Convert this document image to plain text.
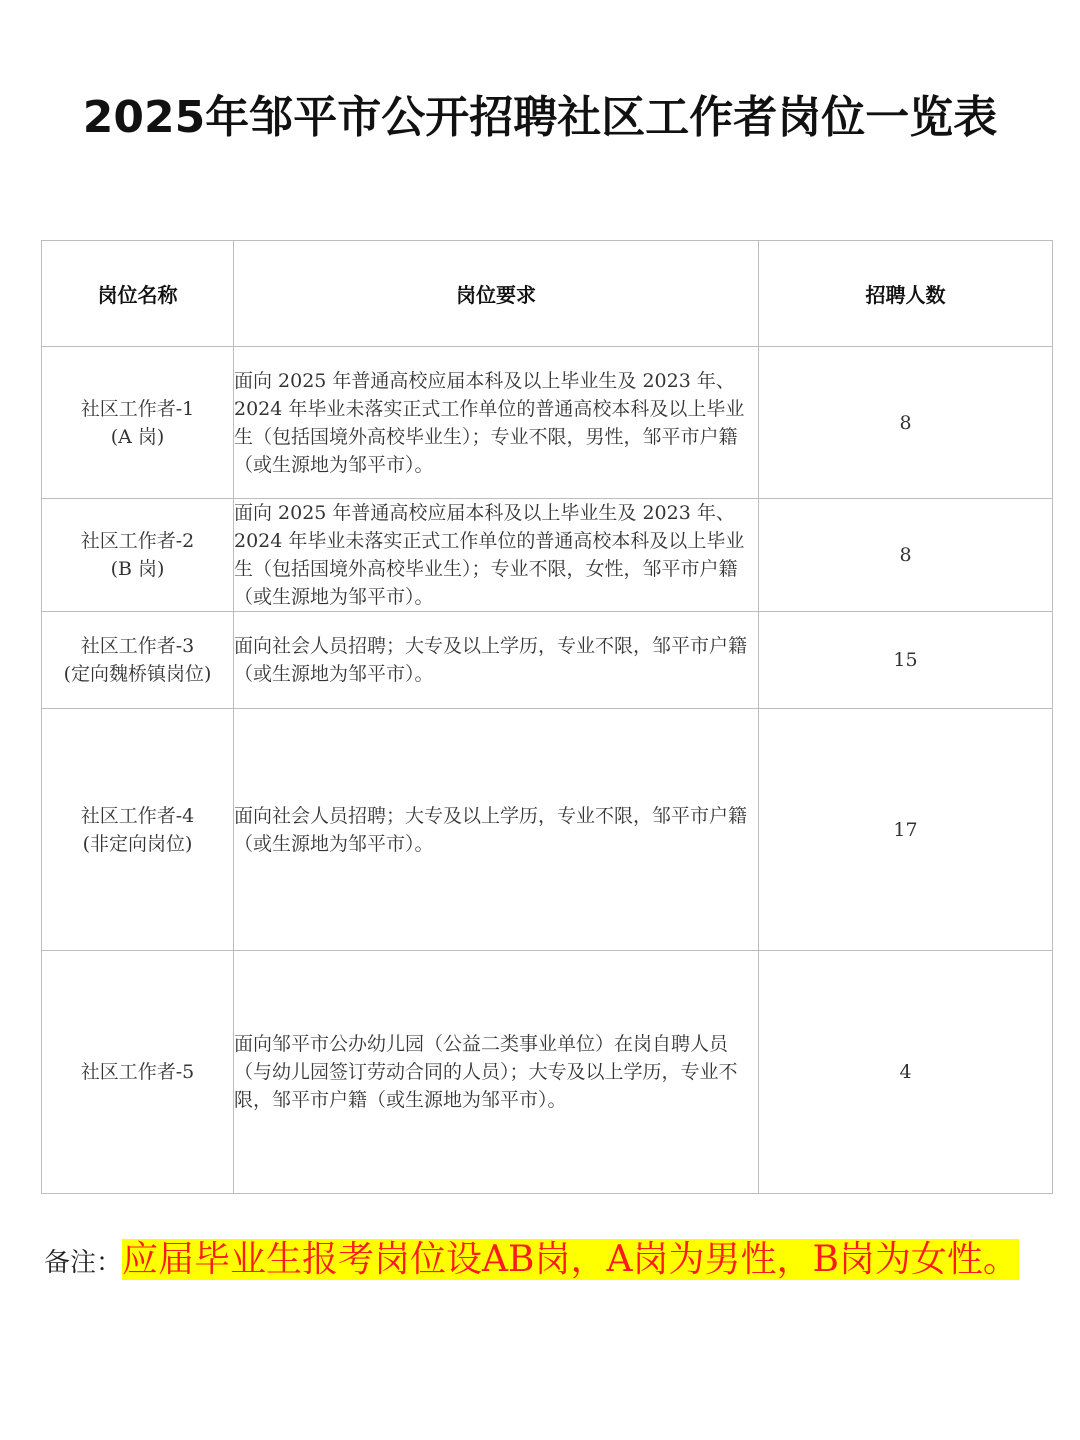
2025年邹平市公开招聘社区工作者岗位一览表
岗位名称	岗位要求	招聘人数

社区工作者-1
(A 岗)	面向 2025 年普通高校应届本科及以上毕业生及 2023 年、2024 年毕业未落实正式工作单位的普通高校本科及以上毕业生（包括国境外高校毕业生）；专业不限，男性，邹平市户籍（或生源地为邹平市）。	8

社区工作者-2
(B 岗)	面向 2025 年普通高校应届本科及以上毕业生及 2023 年、2024 年毕业未落实正式工作单位的普通高校本科及以上毕业生（包括国境外高校毕业生）；专业不限，女性，邹平市户籍（或生源地为邹平市）。	8

社区工作者-3
(定向魏桥镇岗位)	面向社会人员招聘；大专及以上学历，专业不限，邹平市户籍（或生源地为邹平市）。	15

社区工作者-4
(非定向岗位)	面向社会人员招聘；大专及以上学历，专业不限，邹平市户籍（或生源地为邹平市）。	17

社区工作者-5	面向邹平市公办幼儿园（公益二类事业单位）在岗自聘人员（与幼儿园签订劳动合同的人员）；大专及以上学历，专业不限，邹平市户籍（或生源地为邹平市）。	4
备注：应届毕业生报考岗位设AB岗，A岗为男性，B岗为女性。
